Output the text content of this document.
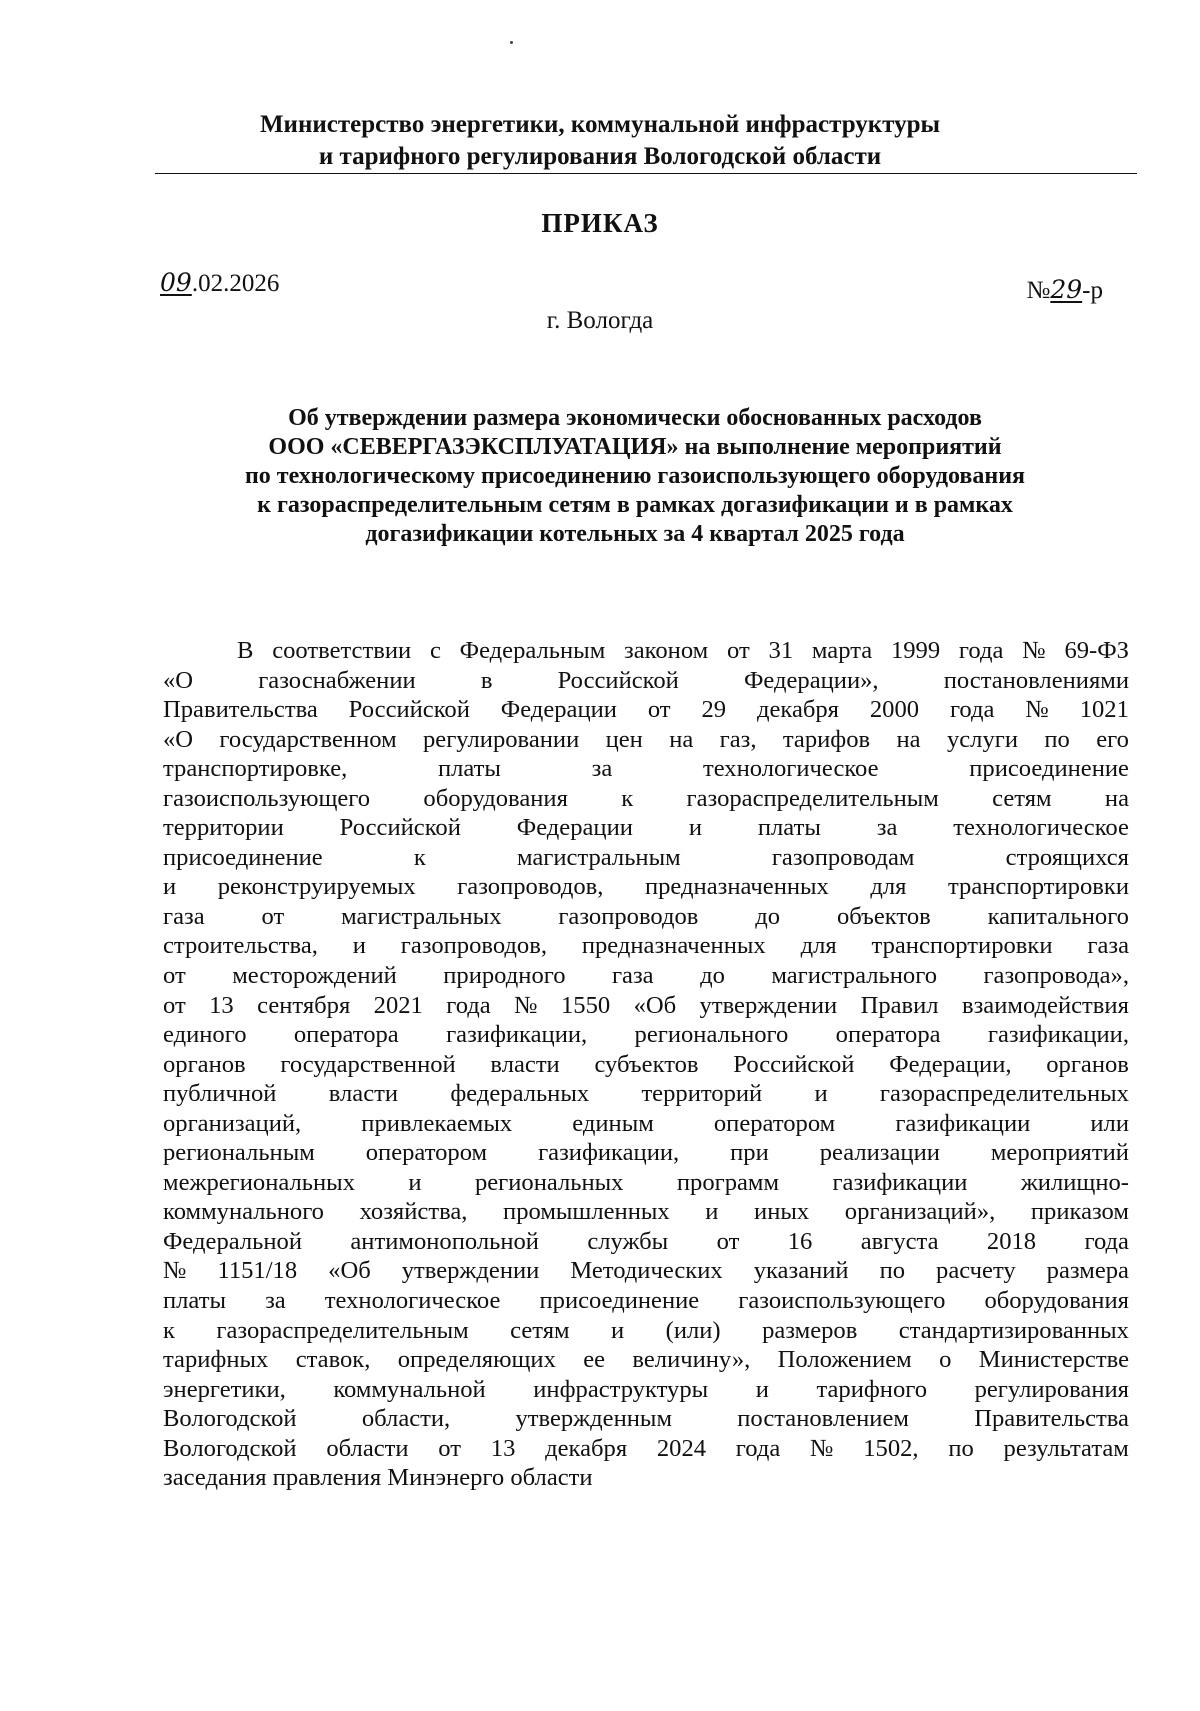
Министерство энергетики, коммунальной инфраструктуры
и тарифного регулирования Вологодской области
ПРИКАЗ
09.02.2026	№29-р
г. Вологда
Об утверждении размера экономически обоснованных расходов
ООО «СЕВЕРГАЗЭКСПЛУАТАЦИЯ» на выполнение мероприятий
по технологическому присоединению газоиспользующего оборудования
к газораспределительным сетям в рамках догазификации и в рамках
догазификации котельных за 4 квартал 2025 года
В соответствии с Федеральным законом от 31 марта 1999 года № 69-ФЗ
«О	газоснабжении	в	Российской	Федерации»,	постановлениями
Правительства Российской Федерации от 29 декабря 2000 года № 1021
«О государственном регулировании цен на газ, тарифов на услуги по его
транспортировке,	платы	за	технологическое	присоединение
газоиспользующего оборудования к газораспределительным сетям на
территории Российской Федерации и платы за технологическое
присоединение	к	магистральным	газопроводам	строящихся
и реконструируемых газопроводов, предназначенных для транспортировки
газа от магистральных газопроводов до объектов капитального
строительства, и газопроводов, предназначенных для транспортировки газа
от месторождений природного газа до магистрального газопровода»,
от 13 сентября 2021 года № 1550 «Об утверждении Правил взаимодействия
единого оператора газификации, регионального оператора газификации,
органов государственной власти субъектов Российской Федерации, органов
публичной власти федеральных территорий и газораспределительных
организаций, привлекаемых единым оператором газификации или
региональным оператором газификации, при реализации мероприятий
межрегиональных и региональных программ газификации жилищно-
коммунального хозяйства, промышленных и иных организаций», приказом
Федеральной антимонопольной службы от 16 августа 2018 года
№ 1151/18 «Об утверждении Методических указаний по расчету размера
платы за технологическое присоединение газоиспользующего оборудования
к газораспределительным сетям и (или) размеров стандартизированных
тарифных ставок, определяющих ее величину», Положением о Министерстве
энергетики, коммунальной инфраструктуры и тарифного регулирования
Вологодской	области,	утвержденным	постановлением	Правительства
Вологодской области от 13 декабря 2024 года № 1502, по результатам
заседания правления Минэнерго области
